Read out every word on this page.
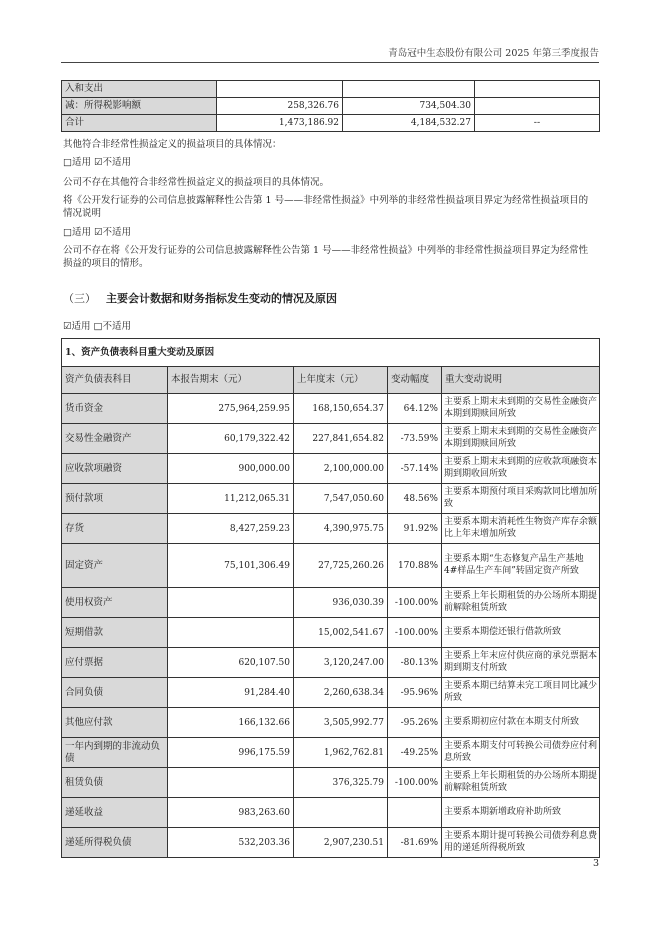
青岛冠中生态股份有限公司 2025 年第三季度报告
入和支出			
减：所得税影响额	258,326.76	734,504.30	
合计	1,473,186.92	4,184,532.27	--
其他符合非经常性损益定义的损益项目的具体情况：
□适用 ☑不适用
公司不存在其他符合非经常性损益定义的损益项目的具体情况。
将《公开发行证券的公司信息披露解释性公告第 1 号——非经常性损益》中列举的非经常性损益项目界定为经常性损益项目的情况说明
□适用 ☑不适用
公司不存在将《公开发行证券的公司信息披露解释性公告第 1 号——非经常性损益》中列举的非经常性损益项目界定为经常性损益的项目的情形。
（三） 主要会计数据和财务指标发生变动的情况及原因
☑适用 □不适用
1、资产负债表科目重大变动及原因				
资产负债表科目	本报告期末（元）	上年度末（元）	变动幅度	重大变动说明
货币资金	275,964,259.95	168,150,654.37	64.12%	主要系上期末未到期的交易性金融资产本期到期赎回所致
交易性金融资产	60,179,322.42	227,841,654.82	-73.59%	主要系上期末未到期的交易性金融资产本期到期赎回所致
应收款项融资	900,000.00	2,100,000.00	-57.14%	主要系上期末未到期的应收款项融资本期到期收回所致
预付款项	11,212,065.31	7,547,050.60	48.56%	主要系本期预付项目采购款同比增加所致
存货	8,427,259.23	4,390,975.75	91.92%	主要系本期末消耗性生物资产库存余额比上年末增加所致
固定资产	75,101,306.49	27,725,260.26	170.88%	主要系本期“生态修复产品生产基地 4#样品生产车间”转固定资产所致
使用权资产		936,030.39	-100.00%	主要系上年长期租赁的办公场所本期提前解除租赁所致
短期借款		15,002,541.67	-100.00%	主要系本期偿还银行借款所致
应付票据	620,107.50	3,120,247.00	-80.13%	主要系上年末应付供应商的承兑票据本期到期支付所致
合同负债	91,284.40	2,260,638.34	-95.96%	主要系本期已结算未完工项目同比减少所致
其他应付款	166,132.66	3,505,992.77	-95.26%	主要系期初应付款在本期支付所致
一年内到期的非流动负债	996,175.59	1,962,762.81	-49.25%	主要系本期支付可转换公司债券应付利息所致
租赁负债		376,325.79	-100.00%	主要系上年长期租赁的办公场所本期提前解除租赁所致
递延收益	983,263.60			主要系本期新增政府补助所致
递延所得税负债	532,203.36	2,907,230.51	-81.69%	主要系本期计提可转换公司债券利息费用的递延所得税所致
3
